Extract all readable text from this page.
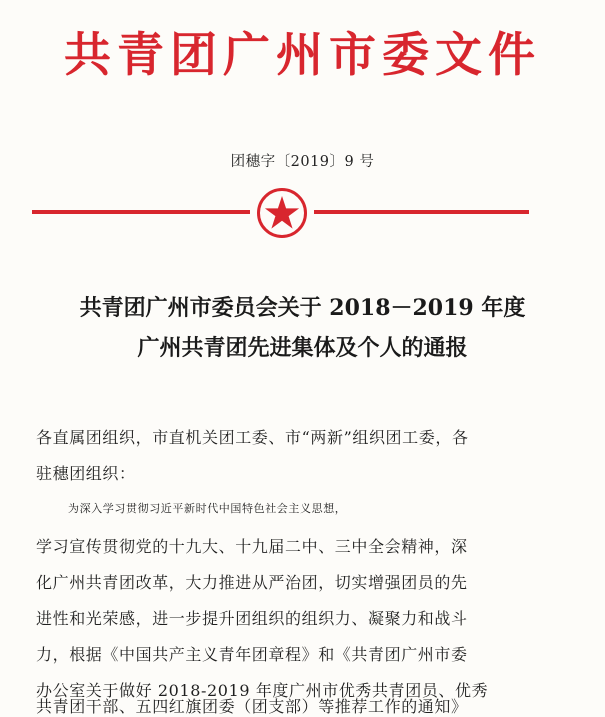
共青团广州市委文件
团穗字〔2019〕9 号
共青团广州市委员会关于 2018－2019 年度
广州共青团先进集体及个人的通报
各直属团组织，市直机关团工委、市“两新”组织团工委，各
驻穗团组织：
为深入学习贯彻习近平新时代中国特色社会主义思想，
学习宣传贯彻党的十九大、十九届二中、三中全会精神，深
化广州共青团改革，大力推进从严治团，切实增强团员的先
进性和光荣感，进一步提升团组织的组织力、凝聚力和战斗
力，根据《中国共产主义青年团章程》和《共青团广州市委
办公室关于做好 2018-2019 年度广州市优秀共青团员、优秀
共青团干部、五四红旗团委（团支部）等推荐工作的通知》
